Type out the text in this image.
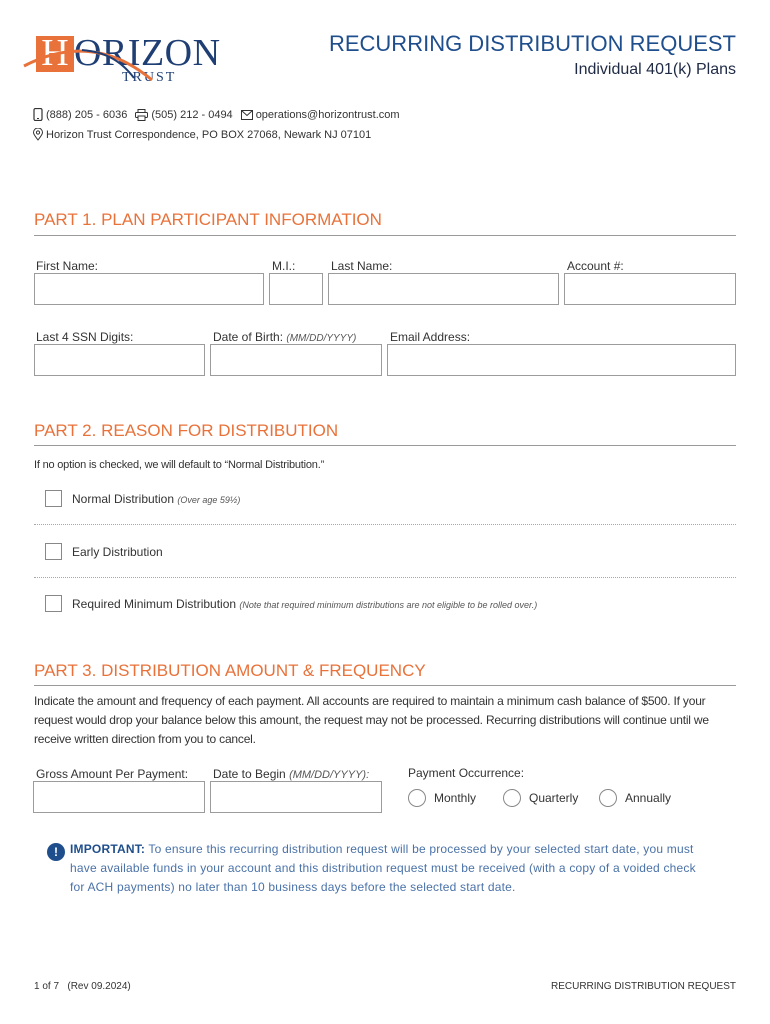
H ORIZON
TRUST
RECURRING DISTRIBUTION REQUEST
Individual 401(k) Plans
(888) 205 - 6036 (505) 212 - 0494 operations@horizontrust.com
Horizon Trust Correspondence, PO BOX 27068, Newark NJ 07101
PART 1. PLAN PARTICIPANT INFORMATION
First Name:	M.I.:	Last Name:	Account #:
Last 4 SSN Digits:	Date of Birth: (MM/DD/YYYY)	Email Address:
PART 2. REASON FOR DISTRIBUTION
If no option is checked, we will default to “Normal Distribution.”
Normal Distribution (Over age 59½)
Early Distribution
Required Minimum Distribution (Note that required minimum distributions are not eligible to be rolled over.)
PART 3. DISTRIBUTION AMOUNT & FREQUENCY
Indicate the amount and frequency of each payment. All accounts are required to maintain a minimum cash balance of $500. If your request would drop your balance below this amount, the request may not be processed. Recurring distributions will continue until we receive written direction from you to cancel.
Gross Amount Per Payment: Date to Begin (MM/DD/YYYY):	Payment Occurrence:
Monthly	Quarterly	Annually
!	IMPORTANT: To ensure this recurring distribution request will be processed by your selected start date, you must have available funds in your account and this distribution request must be received (with a copy of a voided check for ACH payments) no later than 10 business days before the selected start date.
1 of 7 (Rev 09.2024)	RECURRING DISTRIBUTION REQUEST
